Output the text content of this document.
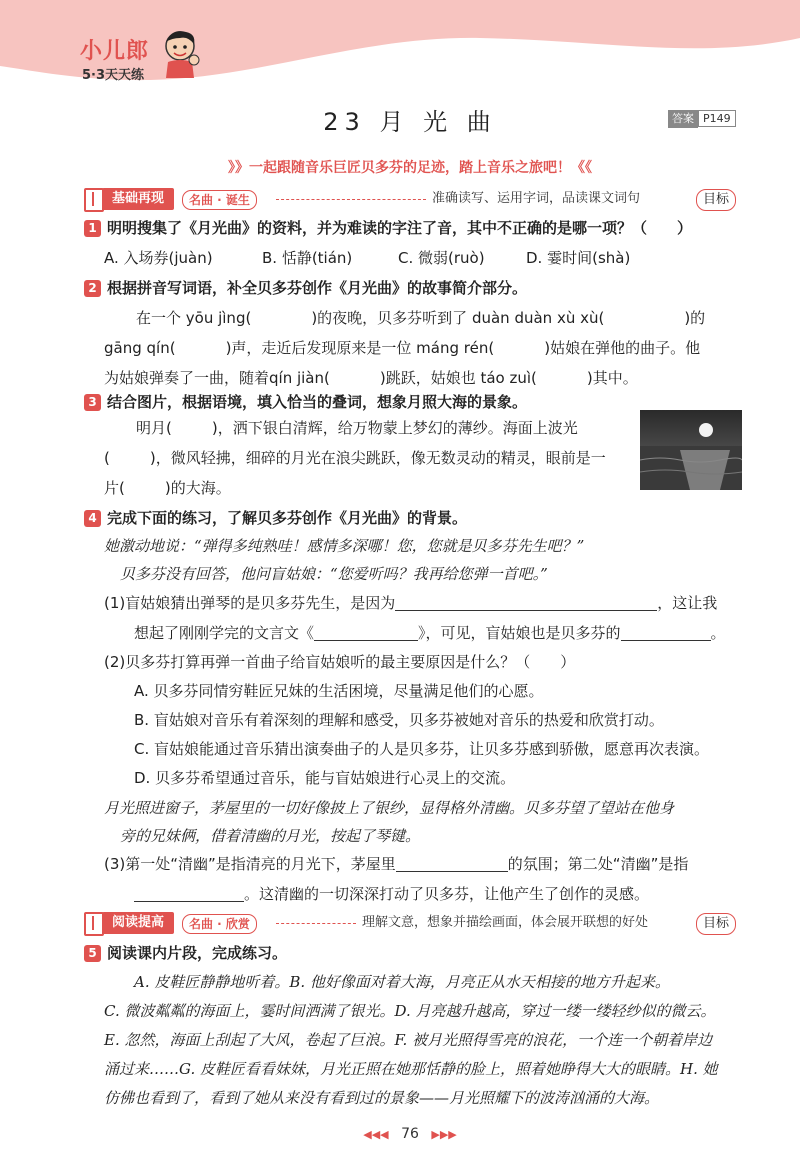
小儿郎
5·3天天练
23 月 光 曲	答案 P149
》》一起跟随音乐巨匠贝多芬的足迹，踏上音乐之旅吧！《《
基础再现	名曲 · 诞生	准确读写、运用字词，品读课文词句	目标
1 明明搜集了《月光曲》的资料，并为难读的字注了音，其中不正确的是哪一项？（　　）
A. 入场券(juàn)	B. 恬静(tián)	C. 微弱(ruò)	D. 霎时间(shà)
2 根据拼音写词语，补全贝多芬创作《月光曲》的故事简介部分。
在一个 yōu jìng(	)的夜晚，贝多芬听到了 duàn duàn xù xù(	)的
gāng qín(	)声，走近后发现原来是一位 máng rén(	)姑娘在弹他的曲子。他
为姑娘弹奏了一曲，随着qín jiàn(	)跳跃，姑娘也 táo zuì(	)其中。
3 结合图片，根据语境，填入恰当的叠词，想象月照大海的景象。
明月(	)，洒下银白清辉，给万物蒙上梦幻的薄纱。海面上波光
(	)，微风轻拂，细碎的月光在浪尖跳跃，像无数灵动的精灵，眼前是一
片(	)的大海。
4 完成下面的练习，了解贝多芬创作《月光曲》的背景。
她激动地说：“弹得多纯熟哇！感情多深哪！您，您就是贝多芬先生吧？”
贝多芬没有回答，他问盲姑娘：“您爱听吗？我再给您弹一首吧。”
(1)盲姑娘猜出弹琴的是贝多芬先生，是因为	，这让我
想起了刚刚学完的文言文《	》，可见，盲姑娘也是贝多芬的	。
(2)贝多芬打算再弹一首曲子给盲姑娘听的最主要原因是什么？（　　）
A. 贝多芬同情穷鞋匠兄妹的生活困境，尽量满足他们的心愿。
B. 盲姑娘对音乐有着深刻的理解和感受，贝多芬被她对音乐的热爱和欣赏打动。
C. 盲姑娘能通过音乐猜出演奏曲子的人是贝多芬，让贝多芬感到骄傲，愿意再次表演。
D. 贝多芬希望通过音乐，能与盲姑娘进行心灵上的交流。
月光照进窗子，茅屋里的一切好像披上了银纱，显得格外清幽。贝多芬望了望站在他身
旁的兄妹俩，借着清幽的月光，按起了琴键。
(3)第一处“清幽”是指清亮的月光下，茅屋里	的氛围；第二处“清幽”是指
。这清幽的一切深深打动了贝多芬，让他产生了创作的灵感。
阅读提高	名曲 · 欣赏	理解文意，想象并描绘画面，体会展开联想的好处	目标
5 阅读课内片段，完成练习。
A. 皮鞋匠静静地听着。B. 他好像面对着大海，月亮正从水天相接的地方升起来。
C. 微波粼粼的海面上，霎时间洒满了银光。D. 月亮越升越高，穿过一缕一缕轻纱似的微云。
E. 忽然，海面上刮起了大风，卷起了巨浪。F. 被月光照得雪亮的浪花，一个连一个朝着岸边
涌过来……G. 皮鞋匠看看妹妹，月光正照在她那恬静的脸上，照着她睁得大大的眼睛。H. 她
仿佛也看到了，看到了她从来没有看到过的景象——月光照耀下的波涛汹涌的大海。
◀◀◀ 76 ▶▶▶
